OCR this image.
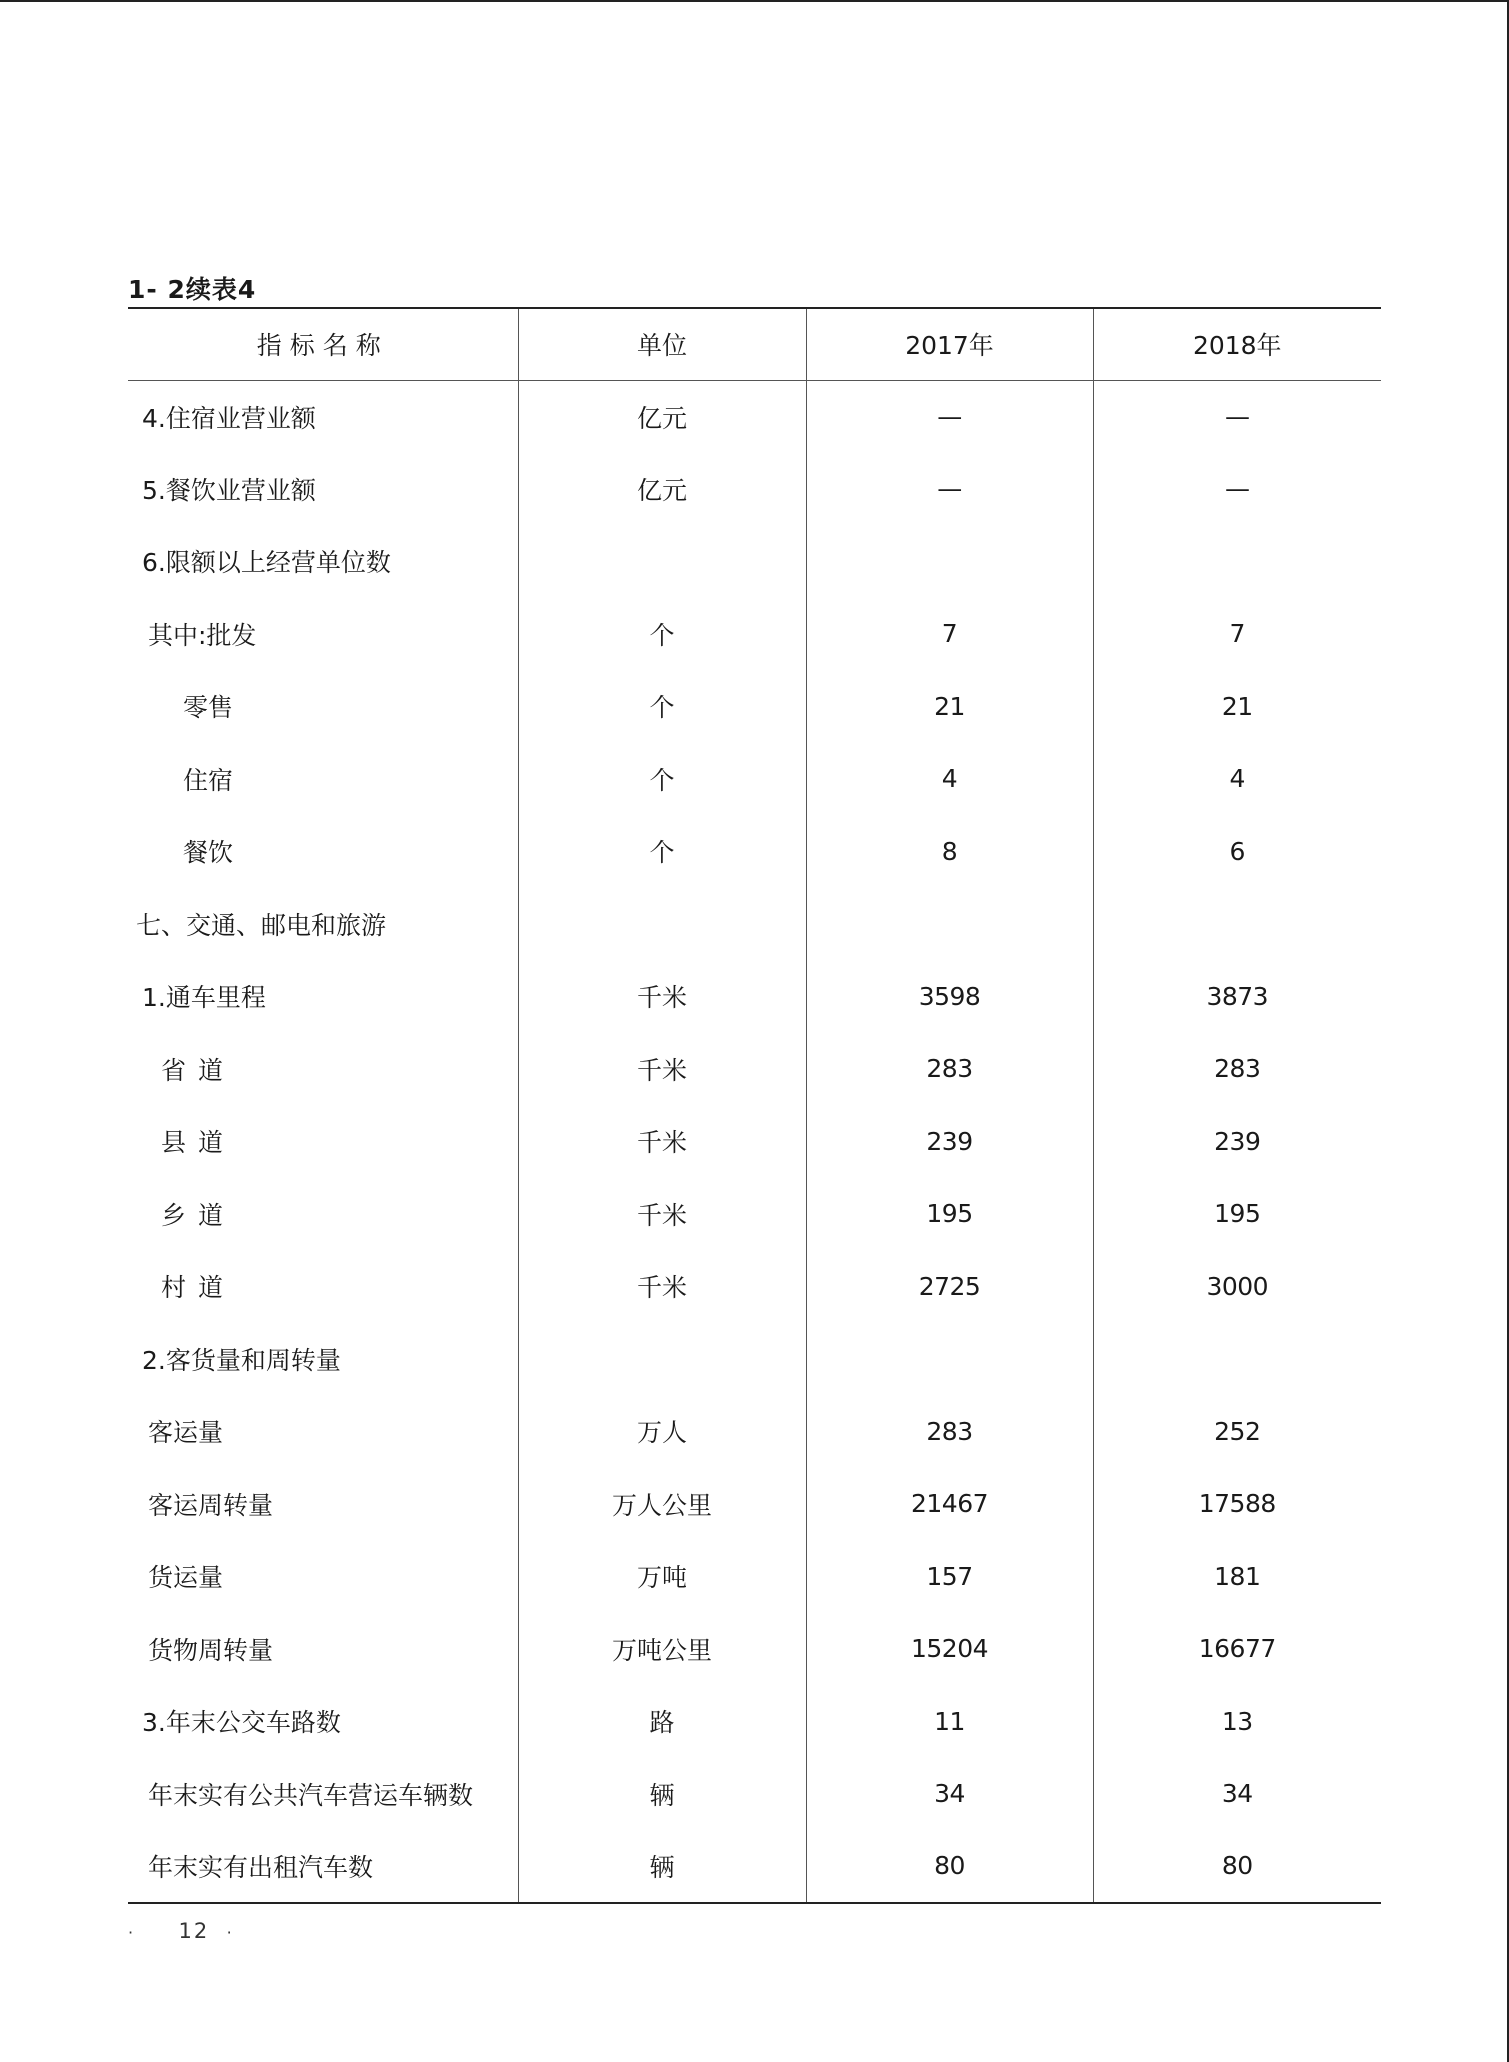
1- 2续表4
指标名称	单位	2017年	2018年
4.住宿业营业额	亿元	—	—
5.餐饮业营业额	亿元	—	—
6.限额以上经营单位数			
其中:批发	个	7	7
零售	个	21	21
住宿	个	4	4
餐饮	个	8	6
七、交通、邮电和旅游			
1.通车里程	千米	3598	3873
省道	千米	283	283
县道	千米	239	239
乡道	千米	195	195
村道	千米	2725	3000
2.客货量和周转量			
客运量	万人	283	252
客运周转量	万人公里	21467	17588
货运量	万吨	157	181
货物周转量	万吨公里	15204	16677
3.年末公交车路数	路	11	13
年末实有公共汽车营运车辆数	辆	34	34
年末实有出租汽车数	辆	80	80
· 12 ·
